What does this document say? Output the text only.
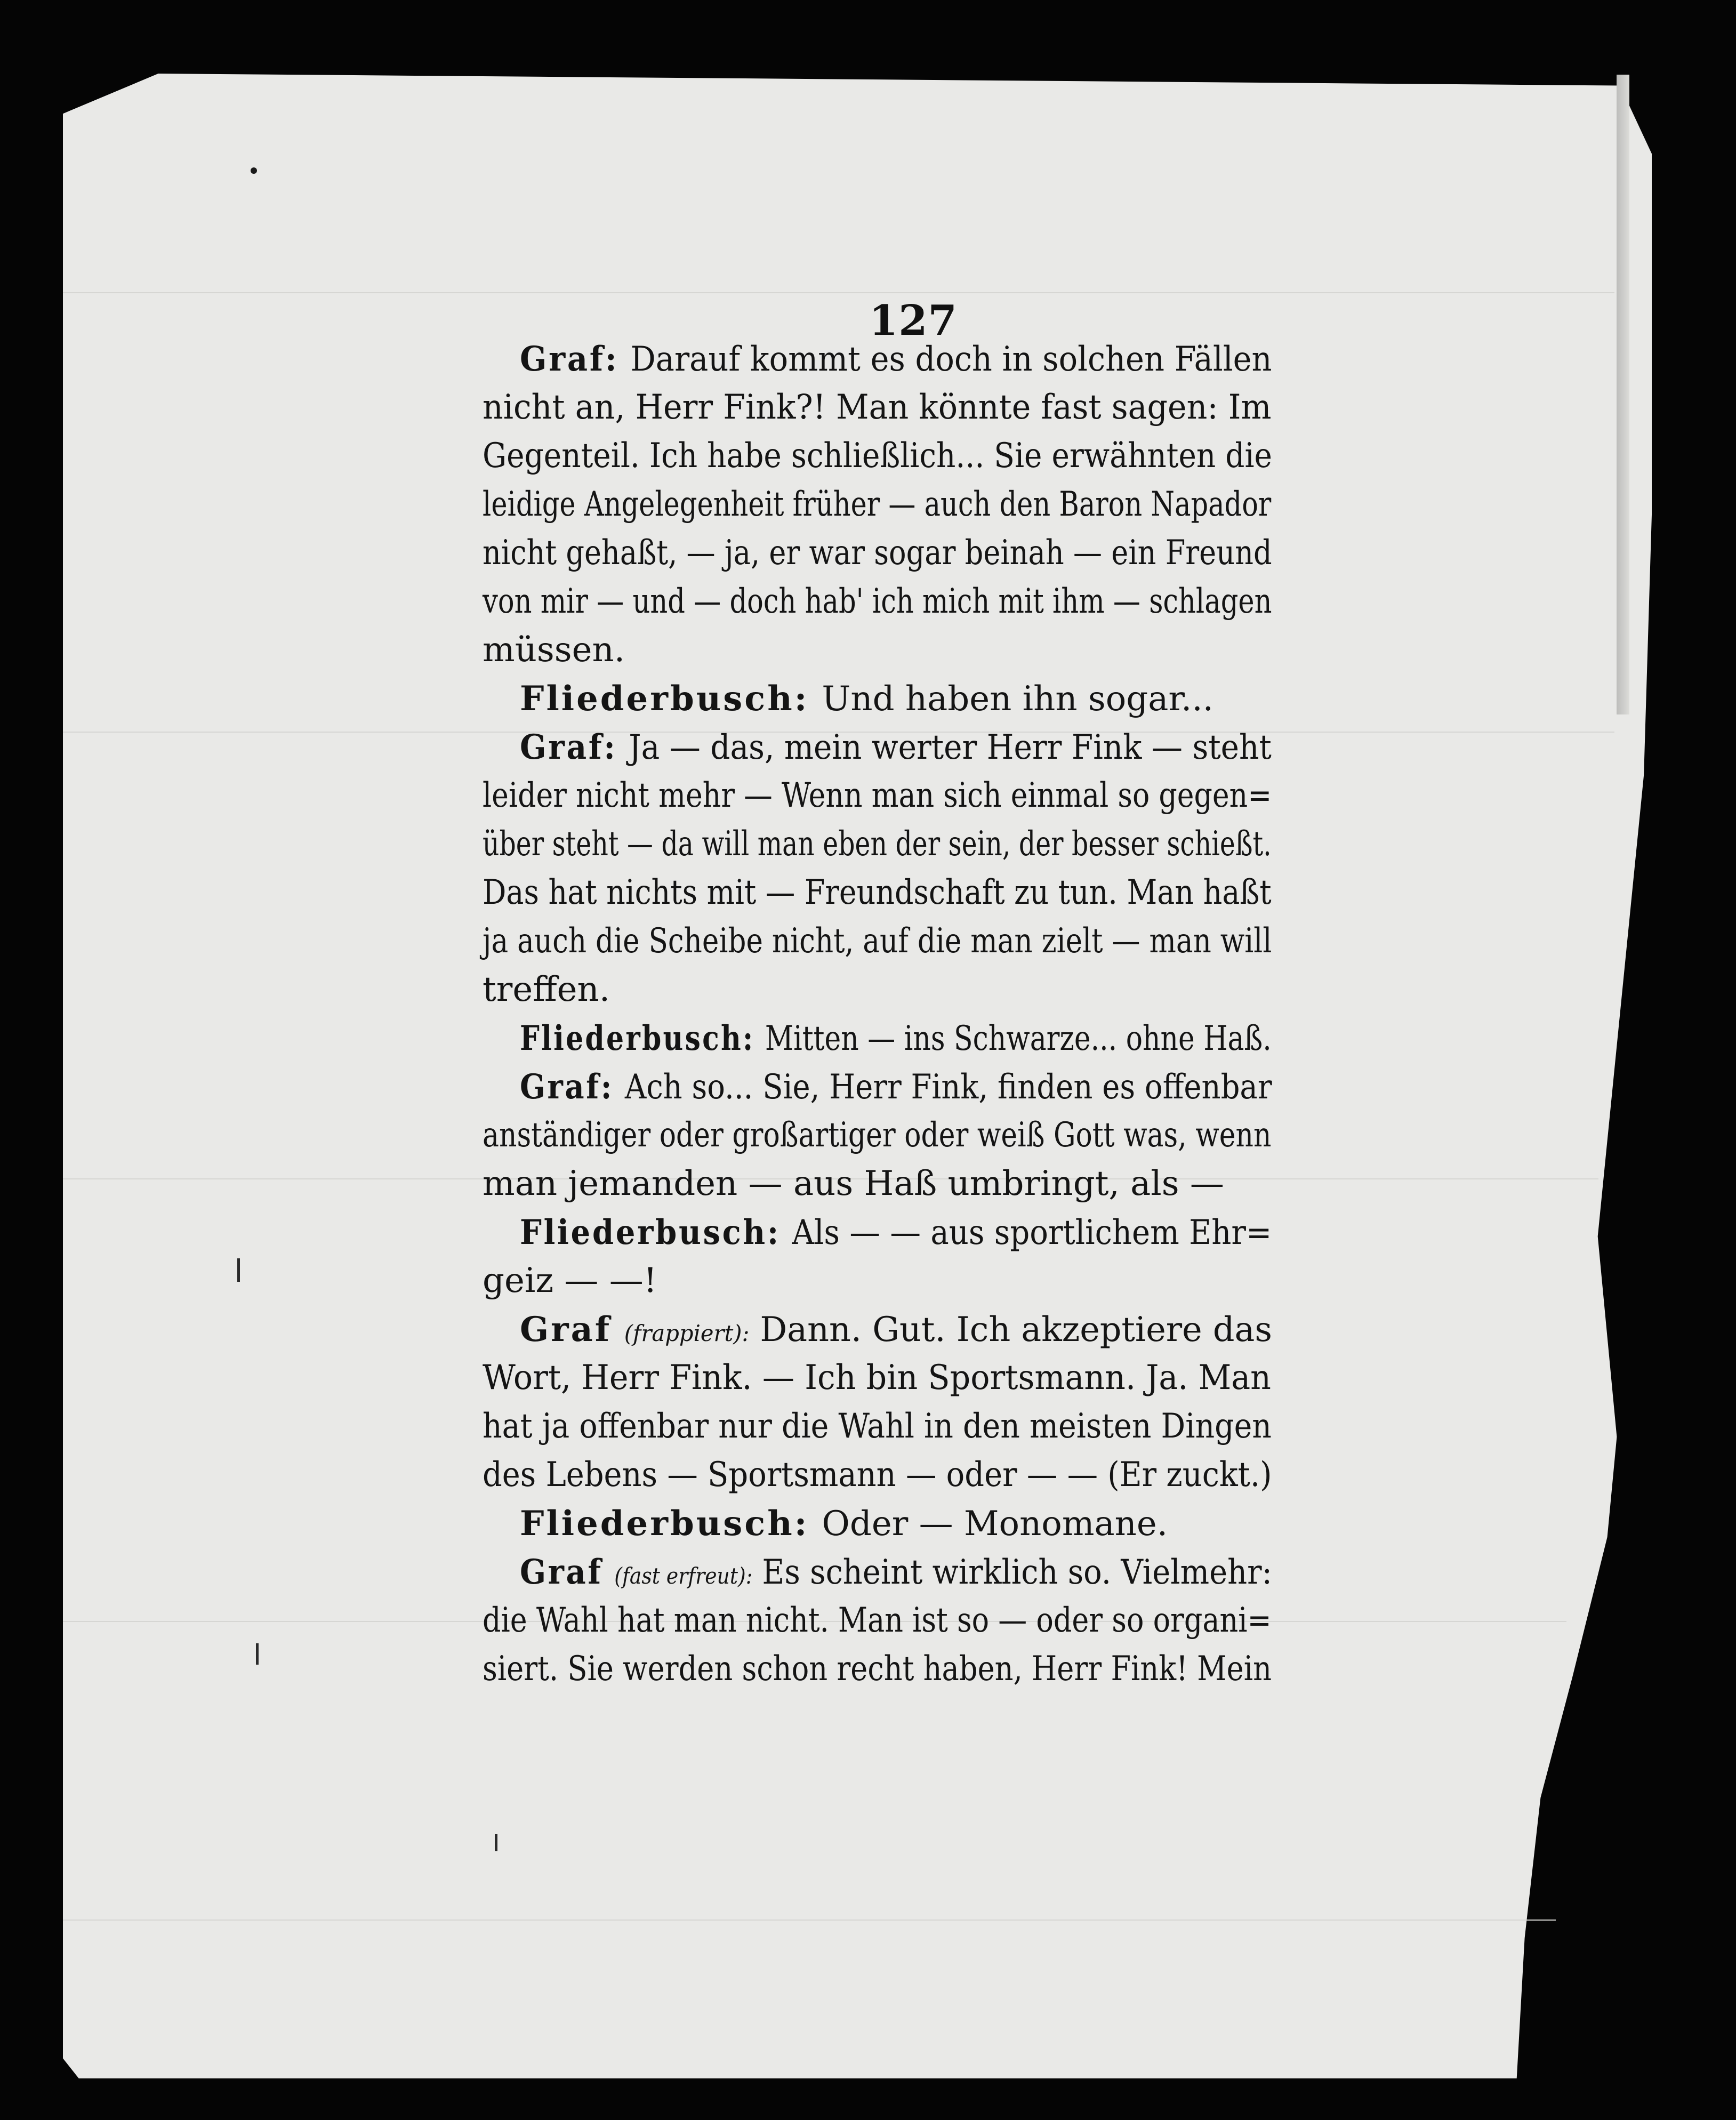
127
Graf: Darauf kommt es doch in solchen Fällen
nicht an, Herr Fink?! Man könnte fast sagen: Im
Gegenteil. Ich habe schließlich... Sie erwähnten die
leidige Angelegenheit früher — auch den Baron Napador
nicht gehaßt, — ja, er war sogar beinah — ein Freund
von mir — und — doch hab' ich mich mit ihm — schlagen
müssen.
Fliederbusch: Und haben ihn sogar...
Graf: Ja — das, mein werter Herr Fink — steht
leider nicht mehr — Wenn man sich einmal so gegen=
über steht — da will man eben der sein, der besser schießt.
Das hat nichts mit — Freundschaft zu tun. Man haßt
ja auch die Scheibe nicht, auf die man zielt — man will
treffen.
Fliederbusch: Mitten — ins Schwarze... ohne Haß.
Graf: Ach so... Sie, Herr Fink, finden es offenbar
anständiger oder großartiger oder weiß Gott was, wenn
man jemanden — aus Haß umbringt, als —
Fliederbusch: Als — — aus sportlichem Ehr=
geiz — —!
Graf (frappiert): Dann. Gut. Ich akzeptiere das
Wort, Herr Fink. — Ich bin Sportsmann. Ja. Man
hat ja offenbar nur die Wahl in den meisten Dingen
des Lebens — Sportsmann — oder — — (Er zuckt.)
Fliederbusch: Oder — Monomane.
Graf (fast erfreut): Es scheint wirklich so. Vielmehr:
die Wahl hat man nicht. Man ist so — oder so organi=
siert. Sie werden schon recht haben, Herr Fink! Mein
